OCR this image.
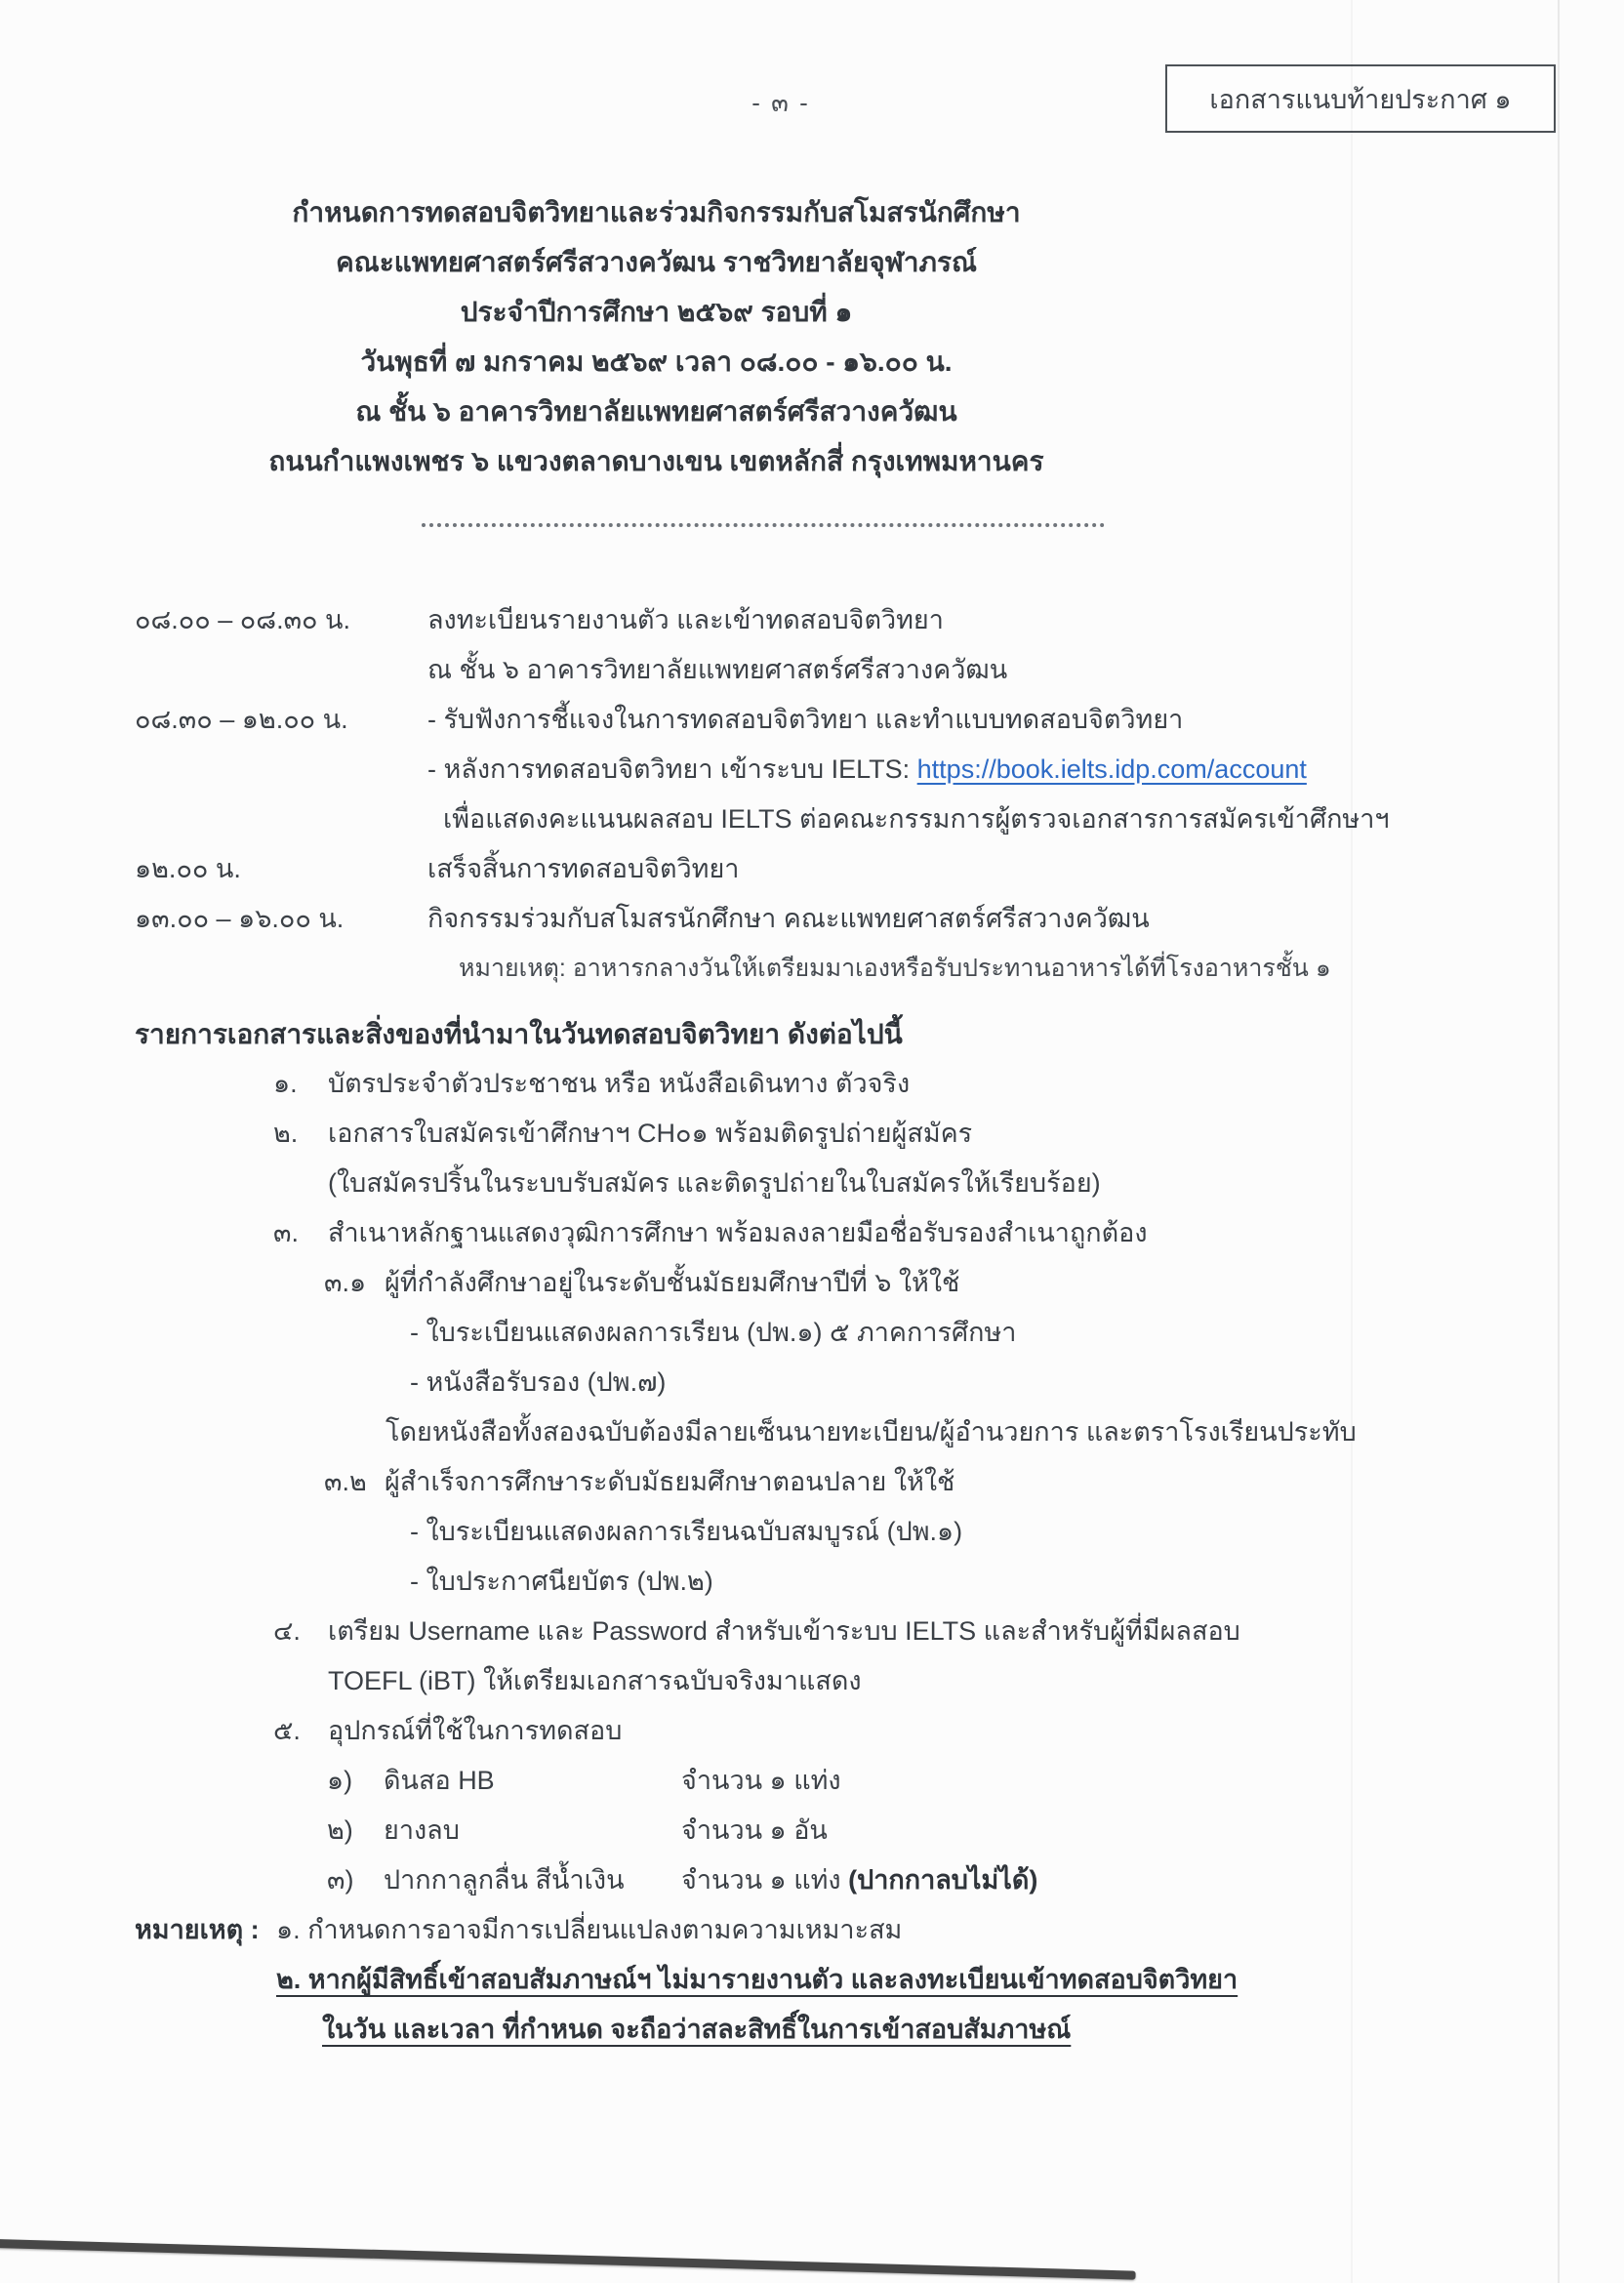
- ๓ -	เอกสารแนบท้ายประกาศ ๑
กำหนดการทดสอบจิตวิทยาและร่วมกิจกรรมกับสโมสรนักศึกษา
คณะแพทยศาสตร์ศรีสวางควัฒน ราชวิทยาลัยจุฬาภรณ์
ประจำปีการศึกษา ๒๕๖๙ รอบที่ ๑
วันพุธที่ ๗ มกราคม ๒๕๖๙ เวลา ๐๘.๐๐ - ๑๖.๐๐ น.
ณ ชั้น ๖ อาคารวิทยาลัยแพทยศาสตร์ศรีสวางควัฒน
ถนนกำแพงเพชร ๖ แขวงตลาดบางเขน เขตหลักสี่ กรุงเทพมหานคร
๐๘.๐๐ – ๐๘.๓๐ น.	ลงทะเบียนรายงานตัว และเข้าทดสอบจิตวิทยา
ณ ชั้น ๖ อาคารวิทยาลัยแพทยศาสตร์ศรีสวางควัฒน
๐๘.๓๐ – ๑๒.๐๐ น.	- รับฟังการชี้แจงในการทดสอบจิตวิทยา และทำแบบทดสอบจิตวิทยา
- หลังการทดสอบจิตวิทยา เข้าระบบ IELTS: https://book.ielts.idp.com/account
เพื่อแสดงคะแนนผลสอบ IELTS ต่อคณะกรรมการผู้ตรวจเอกสารการสมัครเข้าศึกษาฯ
๑๒.๐๐ น.	เสร็จสิ้นการทดสอบจิตวิทยา
๑๓.๐๐ – ๑๖.๐๐ น.	กิจกรรมร่วมกับสโมสรนักศึกษา คณะแพทยศาสตร์ศรีสวางควัฒน
หมายเหตุ: อาหารกลางวันให้เตรียมมาเองหรือรับประทานอาหารได้ที่โรงอาหารชั้น ๑
รายการเอกสารและสิ่งของที่นำมาในวันทดสอบจิตวิทยา ดังต่อไปนี้
๑.	บัตรประจำตัวประชาชน หรือ หนังสือเดินทาง ตัวจริง
๒.	เอกสารใบสมัครเข้าศึกษาฯ CH๐๑ พร้อมติดรูปถ่ายผู้สมัคร
(ใบสมัครปริ้นในระบบรับสมัคร และติดรูปถ่ายในใบสมัครให้เรียบร้อย)
๓.	สำเนาหลักฐานแสดงวุฒิการศึกษา พร้อมลงลายมือชื่อรับรองสำเนาถูกต้อง
๓.๑ ผู้ที่กำลังศึกษาอยู่ในระดับชั้นมัธยมศึกษาปีที่ ๖ ให้ใช้
- ใบระเบียนแสดงผลการเรียน (ปพ.๑) ๕ ภาคการศึกษา
- หนังสือรับรอง (ปพ.๗)
โดยหนังสือทั้งสองฉบับต้องมีลายเซ็นนายทะเบียน/ผู้อำนวยการ และตราโรงเรียนประทับ
๓.๒ ผู้สำเร็จการศึกษาระดับมัธยมศึกษาตอนปลาย ให้ใช้
- ใบระเบียนแสดงผลการเรียนฉบับสมบูรณ์ (ปพ.๑)
- ใบประกาศนียบัตร (ปพ.๒)
๔.	เตรียม Username และ Password สำหรับเข้าระบบ IELTS และสำหรับผู้ที่มีผลสอบ
TOEFL (iBT) ให้เตรียมเอกสารฉบับจริงมาแสดง
๕.	อุปกรณ์ที่ใช้ในการทดสอบ
๑)	ดินสอ HB	จำนวน ๑ แท่ง
๒)	ยางลบ	จำนวน ๑ อัน
๓)	ปากกาลูกลื่น สีน้ำเงิน	จำนวน ๑ แท่ง (ปากกาลบไม่ได้)
หมายเหตุ : ๑. กำหนดการอาจมีการเปลี่ยนแปลงตามความเหมาะสม
๒. หากผู้มีสิทธิ์เข้าสอบสัมภาษณ์ฯ ไม่มารายงานตัว และลงทะเบียนเข้าทดสอบจิตวิทยา
ในวัน และเวลา ที่กำหนด จะถือว่าสละสิทธิ์ในการเข้าสอบสัมภาษณ์
